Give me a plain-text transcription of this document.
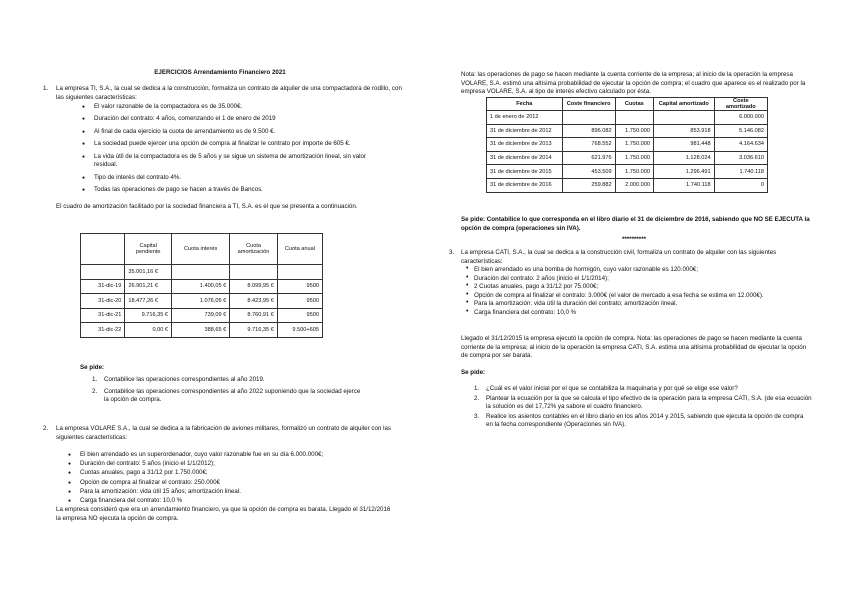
EJERCICIOS Arrendamiento Financiero 2021
1. La empresa TI, S.A., la cual se dedica a la construcción, formaliza un contrato de alquiler de una compactadora de rodillo, con las siguientes características:
● El valor razonable de la compactadora es de 35.000€.
● Duración del contrato: 4 años, comenzando el 1 de enero de 2019
● Al final de cada ejercicio la cuota de arrendamiento es de 9.500 €.
● La sociedad puede ejercer una opción de compra al finalizar le contrato por importe de 605 €.
● La vida útil de la compactadora es de 5 años y se sigue un sistema de amortización lineal, sin valor residual.
● Tipo de interés del contrato 4%.
● Todas las operaciones de pago se hacen a través de Bancos.
El cuadro de amortización facilitado por la sociedad financiera a TI, S.A. es el que se presenta a continuación.
	Capital pendiente	Cuota interés	Cuota amortización	Cuota anual
	35.001,16 €			
31-dic-19	26.901,21 €	1.400,05 €	8.099,95 €	9500
31-dic-20	18.477,26 €	1.076,05 €	8.423,95 €	9500
31-dic-21	9.716,35 €	739,09 €	8.760,91 €	9500
31-dic-22	0,00 €	388,65 €	9.716,35 €	9.500+605
Se pide:
1. Contabilice las operaciones correspondientes al año 2019.
2. Contabilice las operaciones correspondientes al año 2022 suponiendo que la sociedad ejerce la opción de compra.
2. La empresa VOLARE S.A., la cual se dedica a la fabricación de aviones militares, formalizó un contrato de alquiler con las siguientes características:
● El bien arrendado es un superordenador, cuyo valor razonable fue en su día 6.000.000€;
● Duración del contrato: 5 años (inicio el 1/1/2012);
● Cuotas anuales, pago a 31/12 por 1.750.000€;
● Opción de compra al finalizar el contrato: 250.000€
● Para la amortización: vida útil 15 años; amortización lineal.
● Carga financiera del contrato: 10,0 %
La empresa consideró que era un arrendamiento financiero, ya que la opción de compra es barata. Llegado el 31/12/2016 la empresa NO ejecuta la opción de compra.
Nota: las operaciones de pago se hacen mediante la cuenta corriente de la empresa; al inicio de la operación la empresa VOLARE, S.A. estimó una altísima probabilidad de ejecutar la opción de compra; el cuadro que aparece es el realizado por la empresa VOLARE, S.A. al tipo de interés efectivo calculado por ésta.
Fecha	Coste financiero	Cuotas	Capital amortizado	Coste amortizado
1 de enero de 2012				6.000.000
31 de diciembre de 2012	896.082	1.750.000	853.918	5.146.082
31 de diciembre de 2013	768.552	1.750.000	981.448	4.164.634
31 de diciembre de 2014	621.976	1.750.000	1.128.024	3.036.610
31 de diciembre de 2015	453.509	1.750.000	1.296.491	1.740.118
31 de diciembre de 2016	259.882	2.000.000	1.740.118	0
Se pide: Contabilice lo que corresponda en el libro diario el 31 de diciembre de 2016, sabiendo que NO SE EJECUTA la opción de compra (operaciones sin IVA).
**********
3. La empresa CATI, S.A., la cual se dedica a la construcción civil, formaliza un contrato de alquiler con las siguientes características:
• El bien arrendado es una bomba de hormigón, cuyo valor razonable es 120.000€;
• Duración del contrato: 2 años (inicio el 1/1/2014);
• 2 Cuotas anuales, pago a 31/12 por 75.000€;
• Opción de compra al finalizar el contrato: 3.000€ (el valor de mercado a esa fecha se estima en 12.000€).
• Para la amortización: vida útil la duración del contrato; amortización lineal.
• Carga financiera del contrato: 10,0 %
Llegado el 31/12/2015 la empresa ejecutó la opción de compra. Nota: las operaciones de pago se hacen mediante la cuenta corriente de la empresa; al inicio de la operación la empresa CATI, S.A. estima una altísima probabilidad de ejecutar la opción de compra por ser barata.
Se pide:
1. ¿Cuál es el valor inicial por el que se contabiliza la maquinaria y por qué se elige ese valor?
2. Plantear la ecuación por la que se calcula el tipo efectivo de la operación para la empresa CATI, S.A. (de esa ecuación la solución es del 17,72% ya sabore el cuadro financiero.
3. Realice los asientos contables en el libro diario en los años 2014 y 2015, sabiendo que ejecuta la opción de compra en la fecha correspondiente (Operaciones sin IVA).
